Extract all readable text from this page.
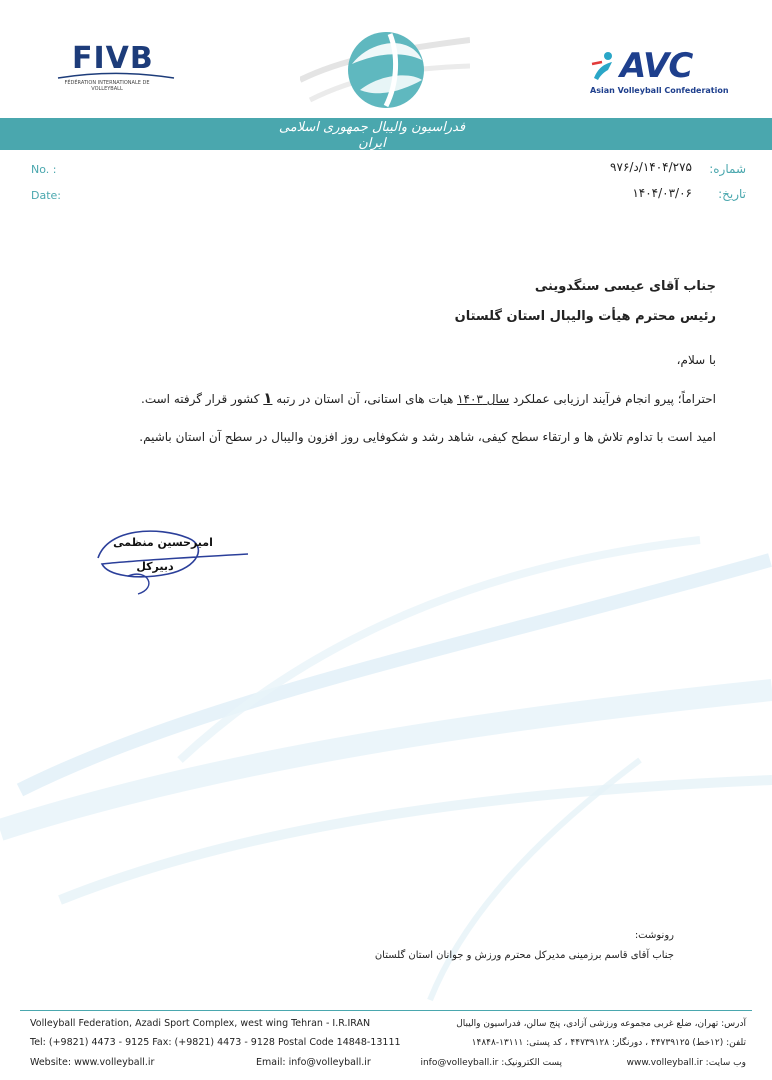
FIVB
FÉDÉRATION INTERNATIONALE DE VOLLEYBALL
AVC
Asian Volleyball Confederation
فدراسیون والیبال جمهوری اسلامی ایران
I.R.IRAN VOLLEYBALL FEDERATION
No. :
Date:
شماره:
تاریخ:
۱۴۰۴/۲۷۵/د/۹۷۶
۱۴۰۴/۰۳/۰۶
جناب آقای عیسی سنگدوینی
رئیس محترم هیأت والیبال استان گلستان
با سلام،
احتراماً؛ پیرو انجام فرآیند ارزیابی عملکرد سال ۱۴۰۳ هیات های استانی، آن استان در رتبه ۱ کشور قرار گرفته است.
امید است با تداوم تلاش ها و ارتقاء سطح کیفی، شاهد رشد و شکوفایی روز افزون والیبال در سطح آن استان باشیم.
امیرحسین منظمی
دبیرکل
رونوشت:
جناب آقای قاسم برزمینی مدیرکل محترم ورزش و جوانان استان گلستان
Volleyball Federation, Azadi Sport Complex, west wing Tehran - I.R.IRAN
Tel: (+9821) 4473 - 9125 Fax: (+9821) 4473 - 9128 Postal Code 14848-13111
Website: www.volleyball.ir	Email: info@volleyball.ir
آدرس: تهران، ضلع غربی مجموعه ورزشی آزادی، پنج سالن، فدراسیون والیبال
تلفن: (۱۲خط) ۴۴۷۳۹۱۲۵ ، دورنگار: ۴۴۷۳۹۱۲۸ ، کد پستی: ۱۳۱۱۱-۱۴۸۴۸
وب سایت: www.volleyball.ir
پست الکترونیک: info@volleyball.ir
